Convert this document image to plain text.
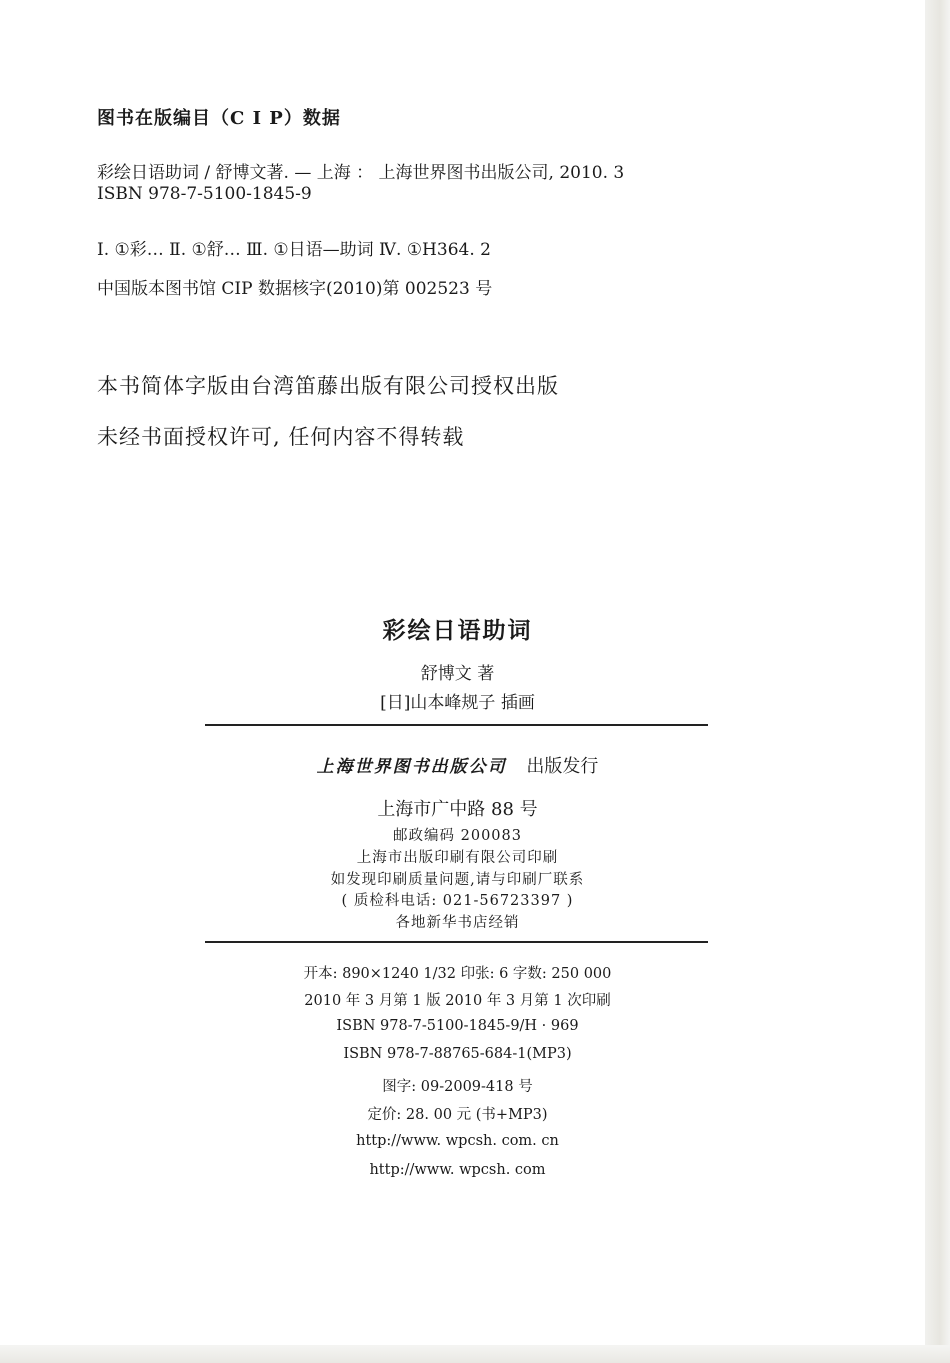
图书在版编目（C I P）数据
彩绘日语助词 / 舒博文著. — 上海 ： 上海世界图书出版公司, 2010. 3
ISBN 978-7-5100-1845-9
I. ①彩… Ⅱ. ①舒… Ⅲ. ①日语—助词 Ⅳ. ①H364. 2
中国版本图书馆 CIP 数据核字(2010)第 002523 号
本书简体字版由台湾笛藤出版有限公司授权出版
未经书面授权许可, 任何内容不得转载
彩绘日语助词
舒博文 著
[日]山本峰规子 插画
上海世界图书出版公司 出版发行
上海市广中路 88 号
邮政编码 200083
上海市出版印刷有限公司印刷
如发现印刷质量问题,请与印刷厂联系
( 质检科电话: 021-56723397 )
各地新华书店经销
开本: 890×1240 1/32 印张: 6 字数: 250 000
2010 年 3 月第 1 版 2010 年 3 月第 1 次印刷
ISBN 978-7-5100-1845-9/H · 969
ISBN 978-7-88765-684-1(MP3)
图字: 09-2009-418 号
定价: 28. 00 元 (书+MP3)
http://www. wpcsh. com. cn
http://www. wpcsh. com
